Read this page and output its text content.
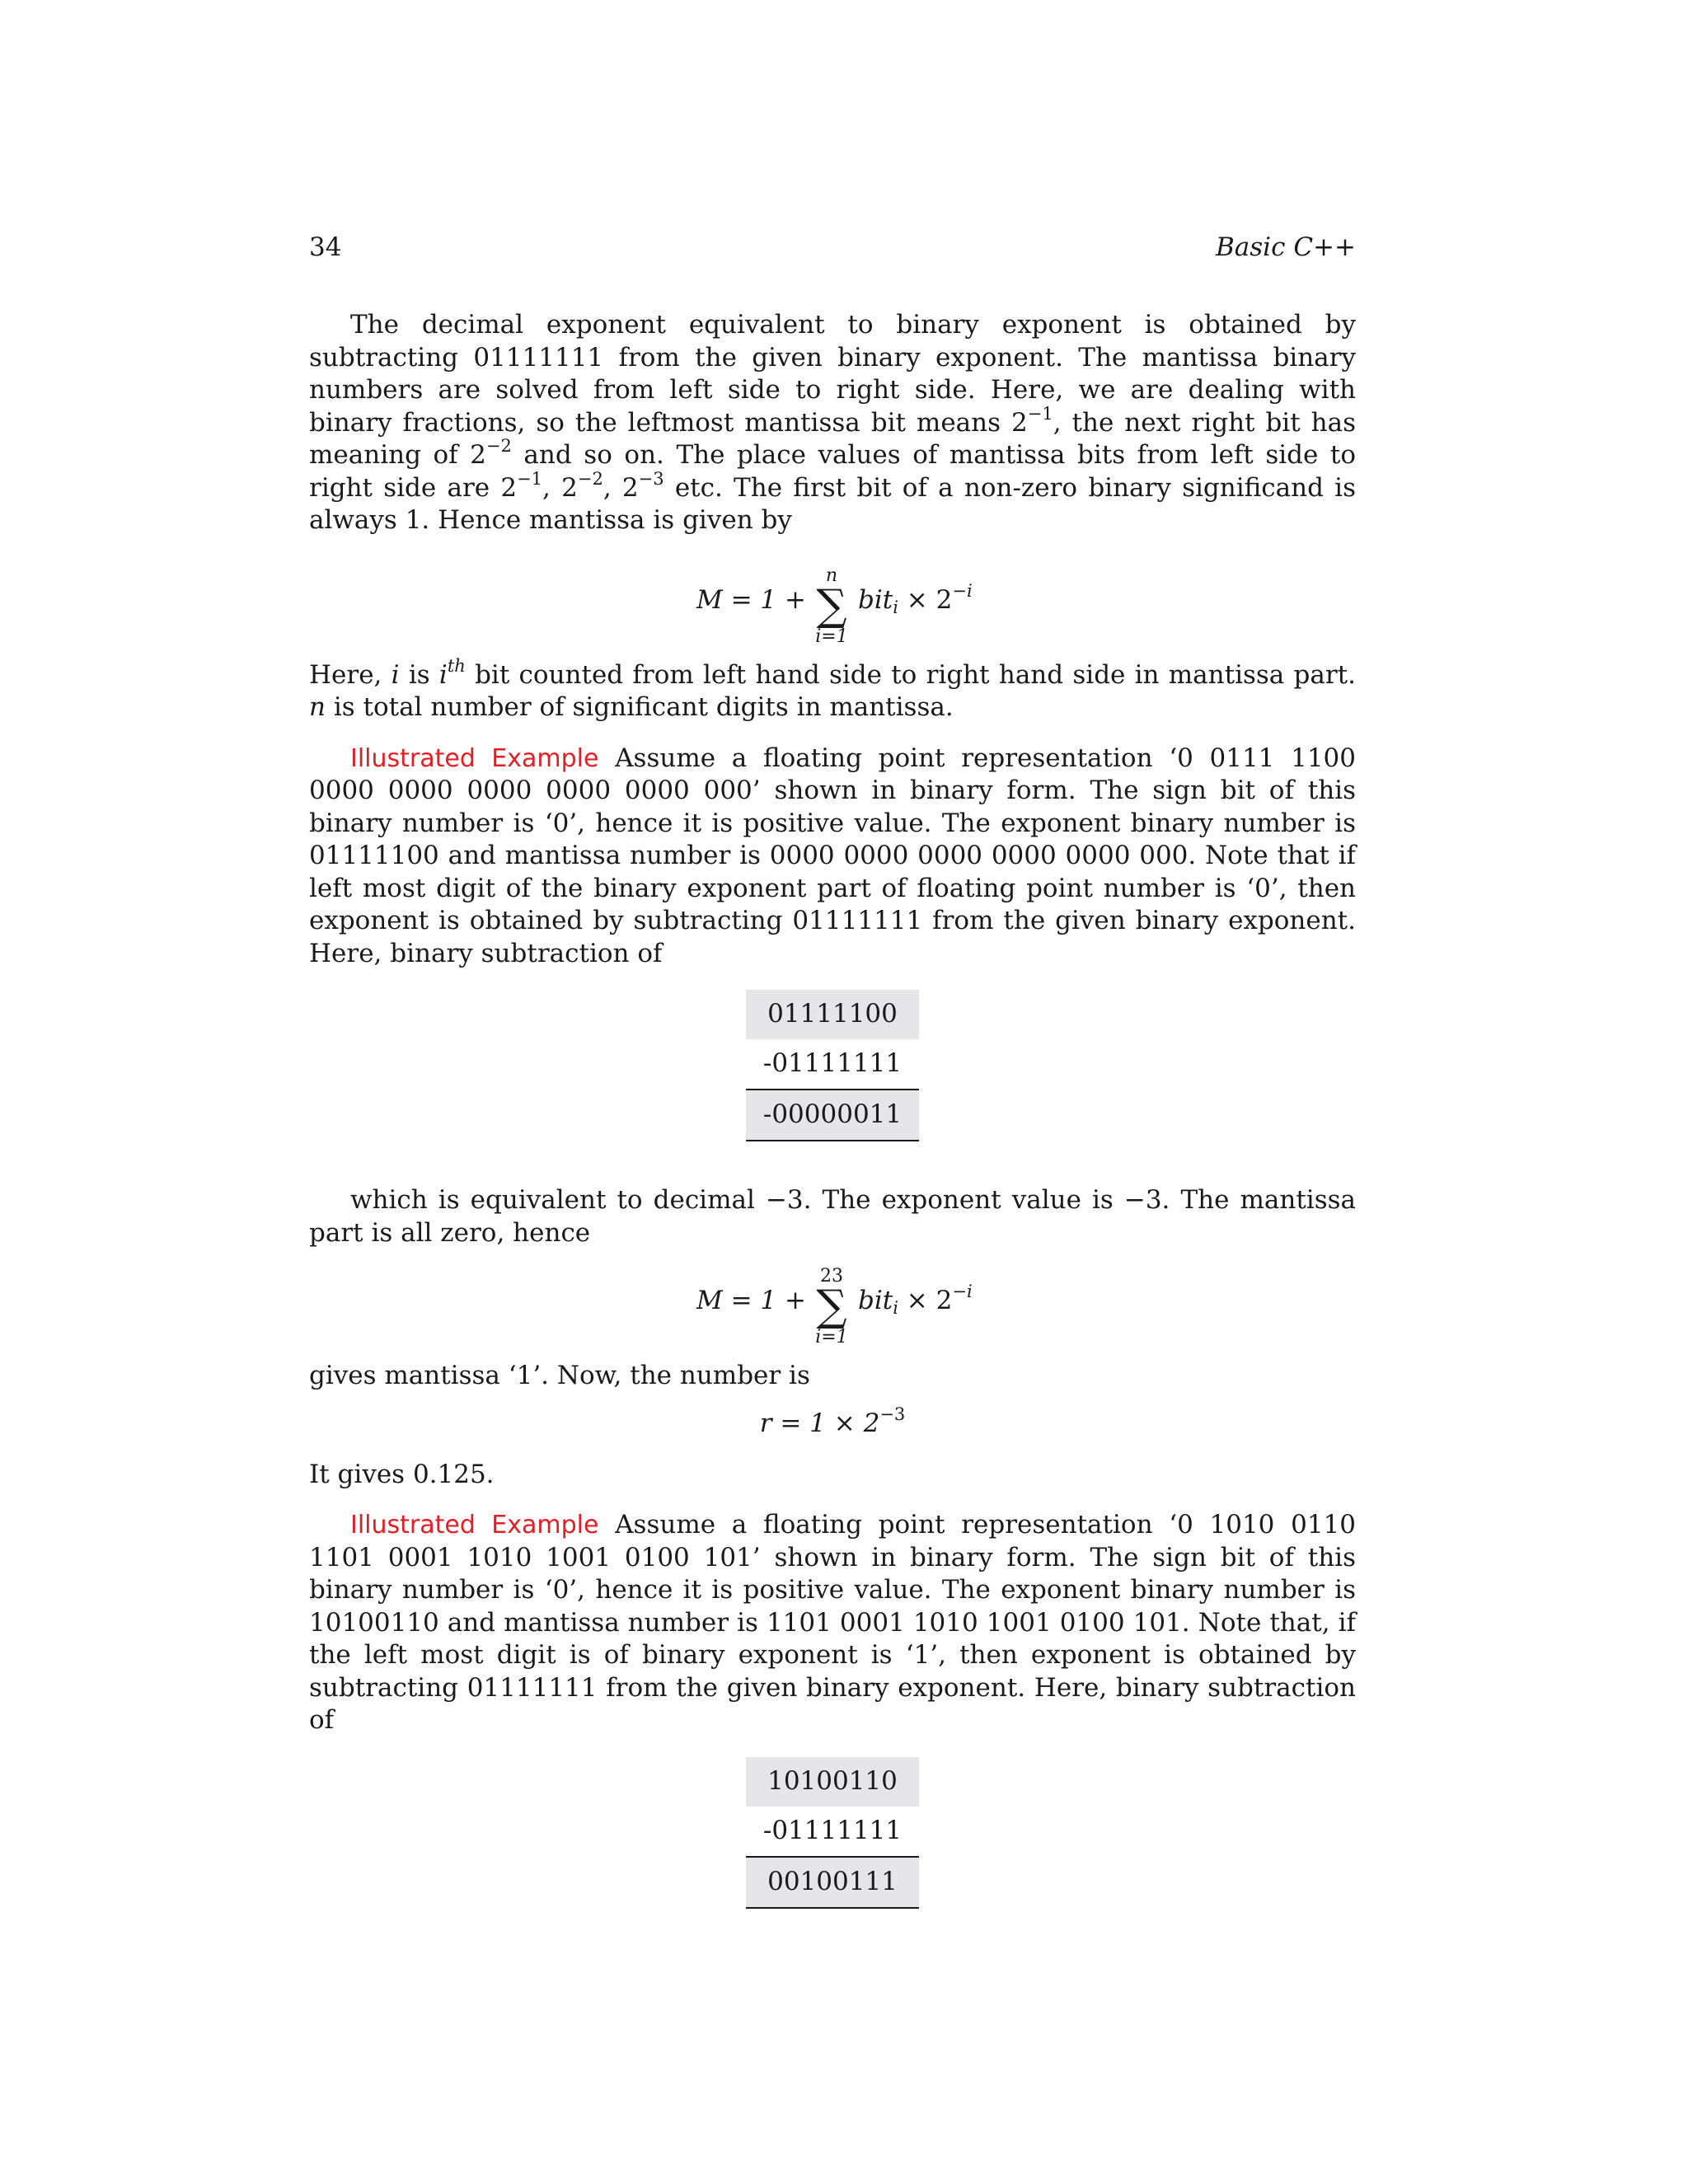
34	Basic C++

The decimal exponent equivalent to binary exponent is obtained by subtracting 01111111 from the given binary exponent. The mantissa binary numbers are solved from left side to right side. Here, we are dealing with binary fractions, so the leftmost mantissa bit means $2^{-1}$, the next right bit has meaning of $2^{-2}$ and so on. The place values of mantissa bits from left side to right side are $2^{-1}$, $2^{-2}$, $2^{-3}$ etc. The first bit of a non-zero binary significand is always 1. Hence mantissa is given by

M = 1 +
n
∑
i=1
$bit_i \times 2^{-i}$

Here, i is $i^{th}$ bit counted from left hand side to right hand side in mantissa part. n is total number of significant digits in mantissa.

Illustrated Example Assume a floating point representation ‘0 0111 1100 0000 0000 0000 0000 0000 000’ shown in binary form. The sign bit of this binary number is ‘0’, hence it is positive value. The exponent binary number is 01111100 and mantissa number is 0000 0000 0000 0000 0000 000. Note that if left most digit of the binary exponent part of floating point number is ‘0’, then exponent is obtained by subtracting 01111111 from the given binary exponent. Here, binary subtraction of

01111100
-01111111
-00000011

which is equivalent to decimal −3. The exponent value is −3. The mantissa part is all zero, hence

M = 1 +
23
∑
i=1
$bit_i \times 2^{-i}$

gives mantissa ‘1’. Now, the number is

$r = 1 \times 2^{-3}$

It gives 0.125.

Illustrated Example Assume a floating point representation ‘0 1010 0110 1101 0001 1010 1001 0100 101’ shown in binary form. The sign bit of this binary number is ‘0’, hence it is positive value. The exponent binary number is 10100110 and mantissa number is 1101 0001 1010 1001 0100 101. Note that, if the left most digit is of binary exponent is ‘1’, then exponent is obtained by subtracting 01111111 from the given binary exponent. Here, binary subtraction of

10100110
-01111111
00100111
